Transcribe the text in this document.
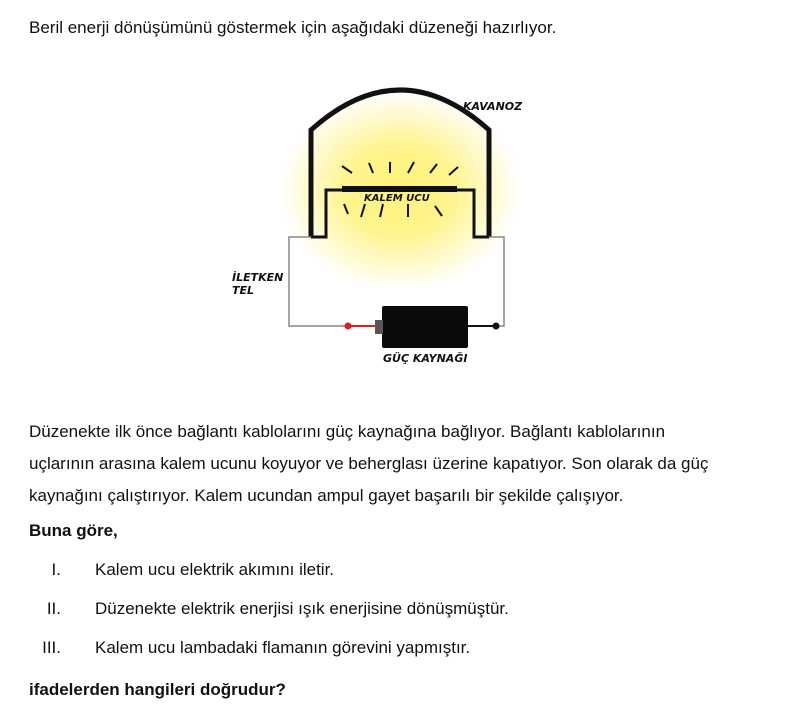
Beril enerji dönüşümünü göstermek için aşağıdaki düzeneği hazırlıyor.
KAVANOZ
KALEM UCU
İLETKEN
TEL
GÜÇ KAYNAĞI
Düzenekte ilk önce bağlantı kablolarını güç kaynağına bağlıyor. Bağlantı kablolarının
uçlarının arasına kalem ucunu koyuyor ve beherglası üzerine kapatıyor. Son olarak da güç
kaynağını çalıştırıyor. Kalem ucundan ampul gayet başarılı bir şekilde çalışıyor.
Buna göre,
I. Kalem ucu elektrik akımını iletir.
II. Düzenekte elektrik enerjisi ışık enerjisine dönüşmüştür.
III. Kalem ucu lambadaki flamanın görevini yapmıştır.
ifadelerden hangileri doğrudur?
